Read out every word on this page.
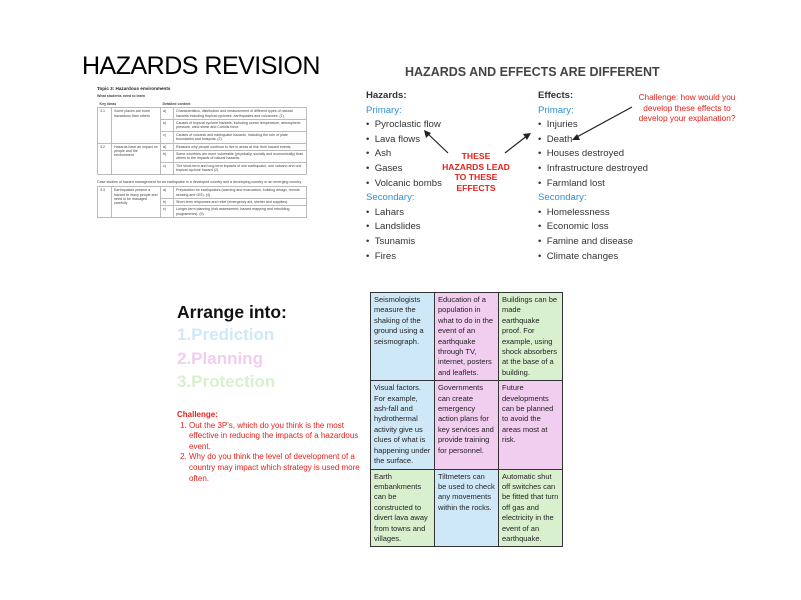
HAZARDS REVISION
Topic 3: Hazardous environments
What students need to learn
Key ideas		Detailed content	
3.1	Some places are more hazardous than others	a)	Characteristics, distribution and measurement of different types of natural hazards including tropical cyclones, earthquakes and volcanoes. (1)
		b)	Causes of tropical cyclone hazards, including ocean temperature, atmospheric pressure, wind shear and Coriolis force.
		c)	Causes of volcanic and earthquake hazards, including the role of plate boundaries and hotspots. (2)
3.2	Hazards have an impact on people and the environment	a)	Reasons why people continue to live in areas at risk from hazard events.
		b)	Some countries are more vulnerable (physically, socially and economically) than others to the impacts of natural hazards.
		c)	The short-term and long-term impacts of one earthquake, one volcano and one tropical cyclone hazard (2).
Case studies of hazard management for an earthquake in a developed country and a developing country or an emerging country.
3.3	Earthquakes present a hazard to many people and need to be managed carefully	a)	Preparation for earthquakes (warning and evacuation, building design, remote sensing and GIS). (4)
		b)	Short-term responses and relief (emergency aid, shelter and supplies).
		c)	Longer-term planning (risk assessment, hazard mapping and rebuilding programmes). (5)
HAZARDS AND EFFECTS ARE DIFFERENT
Hazards:
Primary:
•  Pyroclastic flow
•  Lava flows
•  Ash
•  Gases
•  Volcanic bombs
Secondary:
•  Lahars
•  Landslides
•  Tsunamis
•  Fires
Effects:
Primary:
•  Injuries
•  Death
•  Houses destroyed
•  Infrastructure destroyed
•  Farmland lost
Secondary:
•  Homelessness
•  Economic loss
•  Famine and disease
•  Climate changes
THESE HAZARDS LEAD TO THESE EFFECTS
Challenge: how would you develop these effects to develop your explanation?
Arrange into:
1.Prediction
2.Planning
3.Protection
Challenge:
1. Out the 3P's, which do you think is the most effective in reducing the impacts of a hazardous event.
2. Why do you think the level of development of a country may impact which strategy is used more often.
Seismologists measure the shaking of the ground using a seismograph.	Education of a population in what to do in the event of an earthquake through TV, internet, posters and leaflets.	Buildings can be made earthquake proof. For example, using shock absorbers at the base of a building.
Visual factors. For example, ash-fall and hydrothermal activity give us clues of what is happening under the surface.	Governments can create emergency action plans for key services and provide training for personnel.	Future developments can be planned to avoid the areas most at risk.
Earth embankments can be constructed to divert lava away from towns and villages.	Tiltmeters can be used to check any movements within the rocks.	Automatic shut off switches can be fitted that turn off gas and electricity in the event of an earthquake.
